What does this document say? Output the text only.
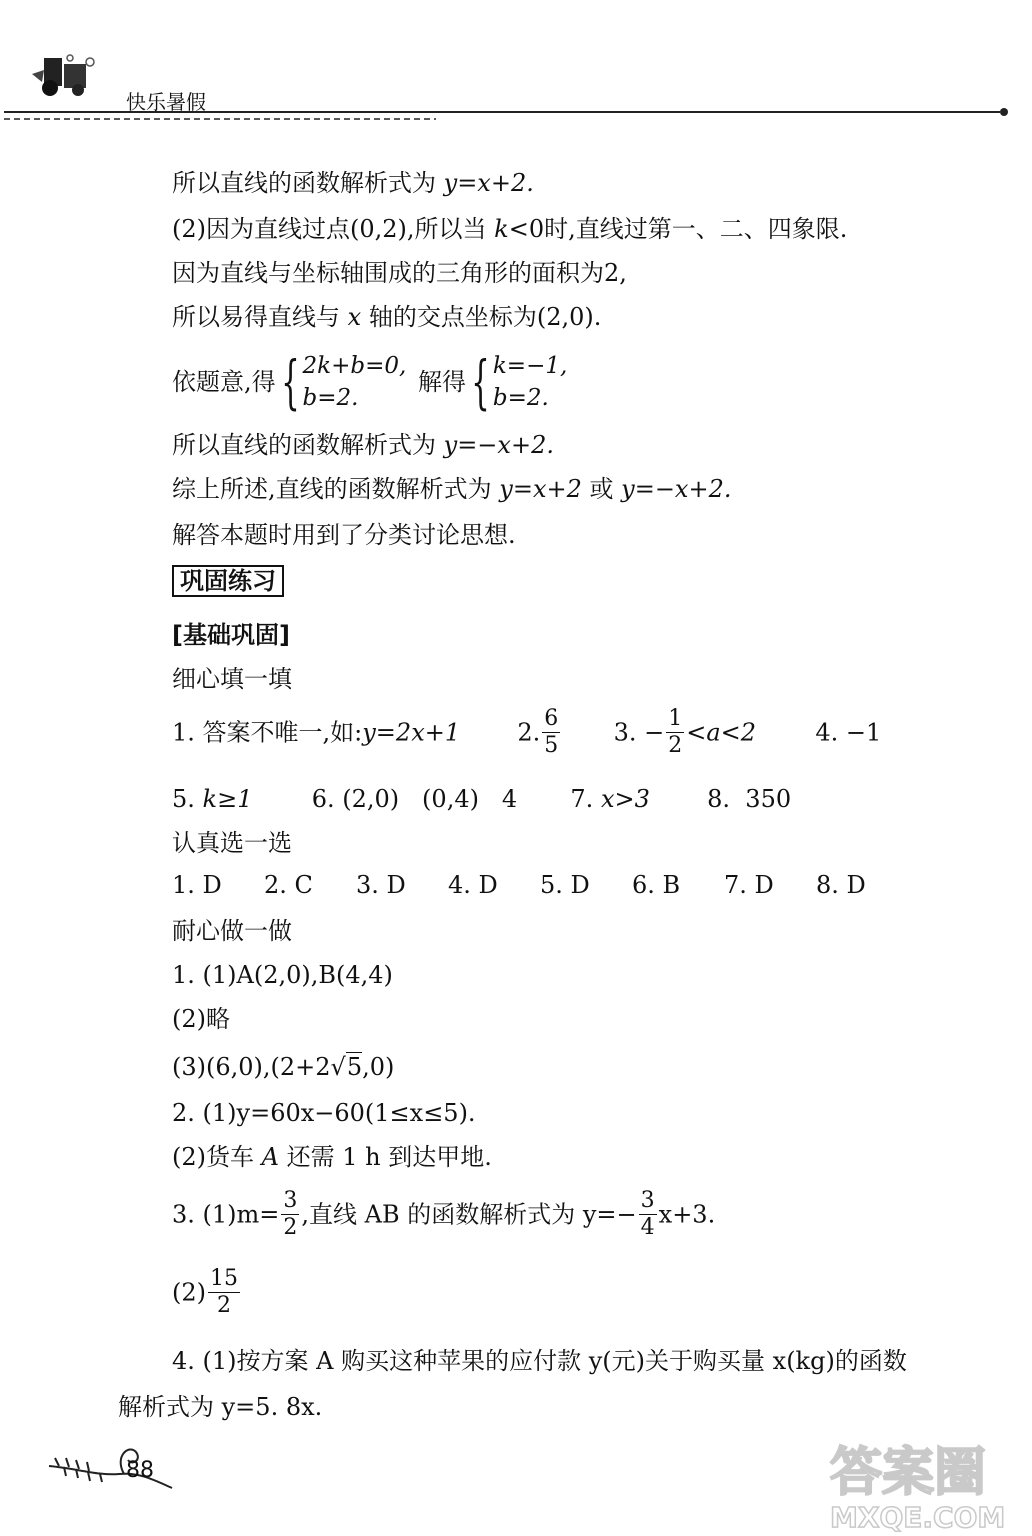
快乐暑假
所以直线的函数解析式为 y=x+2.
(2)因为直线过点(0,2),所以当 k<0时,直线过第一、二、四象限.
因为直线与坐标轴围成的三角形的面积为2,
所以易得直线与 x 轴的交点坐标为(2,0).
依题意,得{ 2k+b=0,
b=2.
解得{ k=−1,
b=2.
所以直线的函数解析式为 y=−x+2.
综上所述,直线的函数解析式为 y=x+2 或 y=−x+2.
解答本题时用到了分类讨论思想.
巩固练习
[基础巩固]
细心填一填
1. 答案不唯一,如:y=2x+1 2. $\frac{6}{5} 3$. − $\frac{1}{2} <a<2$ 4. −1
5. k≥1 6. (2,0)   (0,4)   4 7. x>3 8.  350
认真选一选
1. D 2. C 3. D 4. D 5. D 6. B 7. D 8. D
耐心做一做
1. (1)A(2,0),B(4,4)
(2)略
(3)(6,0),(2+2√5,0)
2. (1)y=60x−60(1≤x≤5).
(2)货车 A 还需 1 h 到达甲地.
3. $(1)m= \frac{3}{2}$ ,直线 AB 的函数解析式为 $y=- \frac{3}{4} x+3$.
$(2) \frac{15}{2}$
4. (1)按方案 A 购买这种苹果的应付款 y(元)关于购买量 x(kg)的函数
解析式为 y=5. 8x.
88	答案圈
MXQE.COM
